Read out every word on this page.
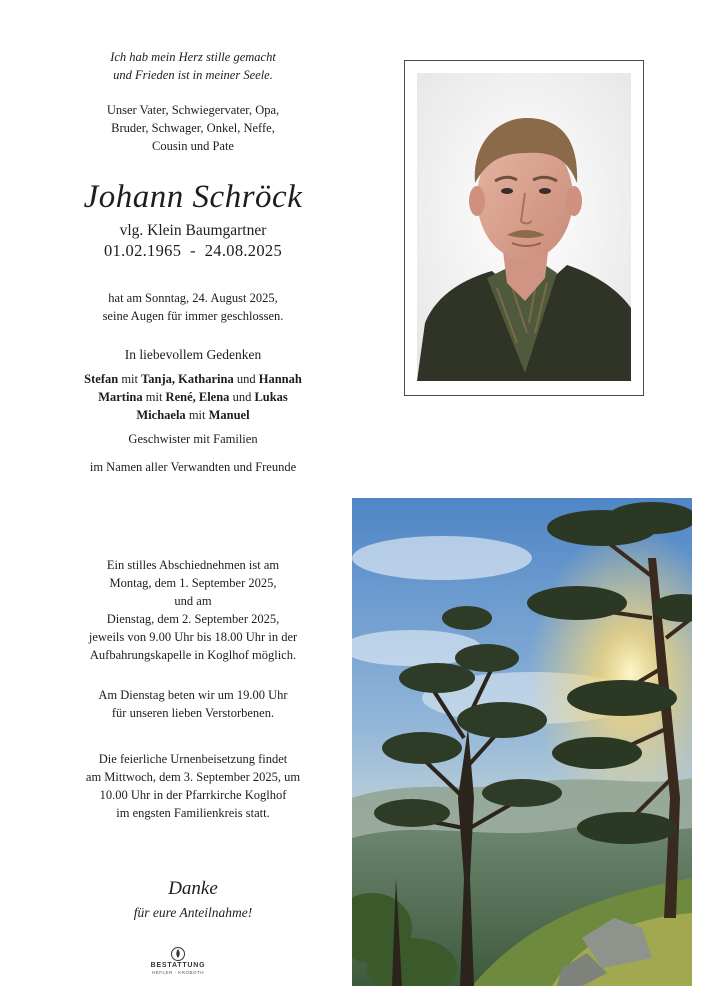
Ich hab mein Herz stille gemacht
und Frieden ist in meiner Seele.
Unser Vater, Schwiegervater, Opa,
Bruder, Schwager, Onkel, Neffe,
Cousin und Pate
Johann Schröck
vlg. Klein Baumgartner
01.02.1965  -  24.08.2025
hat am Sonntag, 24. August 2025,
seine Augen für immer geschlossen.
In liebevollem Gedenken
Stefan mit Tanja, Katharina und Hannah
Martina mit René, Elena und Lukas
Michaela mit Manuel
Geschwister mit Familien
im Namen aller Verwandten und Freunde
Ein stilles Abschiednehmen ist am
Montag, dem 1. September 2025,
und am
Dienstag, dem 2. September 2025,
jeweils von 9.00 Uhr bis 18.00 Uhr in der
Aufbahrungskapelle in Koglhof möglich.
Am Dienstag beten wir um 19.00 Uhr
für unseren lieben Verstorbenen.
Die feierliche Urnenbeisetzung findet
am Mittwoch, dem 3. September 2025, um
10.00 Uhr in der Pfarrkirche Koglhof
im engsten Familienkreis statt.
Danke
für eure Anteilnahme!
BESTATTUNG
HEFLER · KROBOTH
